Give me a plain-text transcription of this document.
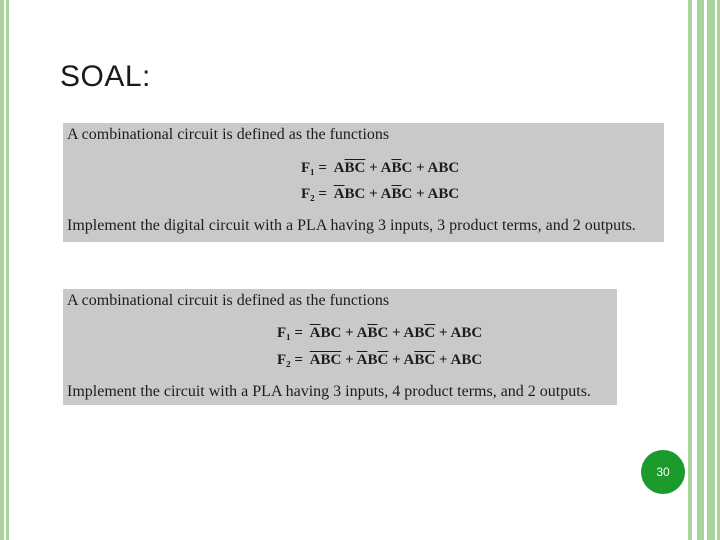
SOAL:
A combinational circuit is defined as the functions
$F_1 = A\overline{B}\overline{C} + A\overline{B}C$ + ABC
$F_2 = \overline{A}BC + A\overline{B}C$ + ABC
Implement the digital circuit with a PLA having 3 inputs, 3 product terms, and 2 outputs.
A combinational circuit is defined as the functions
$F_1 = \overline{A}BC + A\overline{B}C + AB\overline{C}$ + ABC
$F_2 = \overline{A}\overline{B}\overline{C} + \overline{A}B\overline{C} + A\overline{B}\overline{C}$ + ABC
Implement the circuit with a PLA having 3 inputs, 4 product terms, and 2 outputs.
30
